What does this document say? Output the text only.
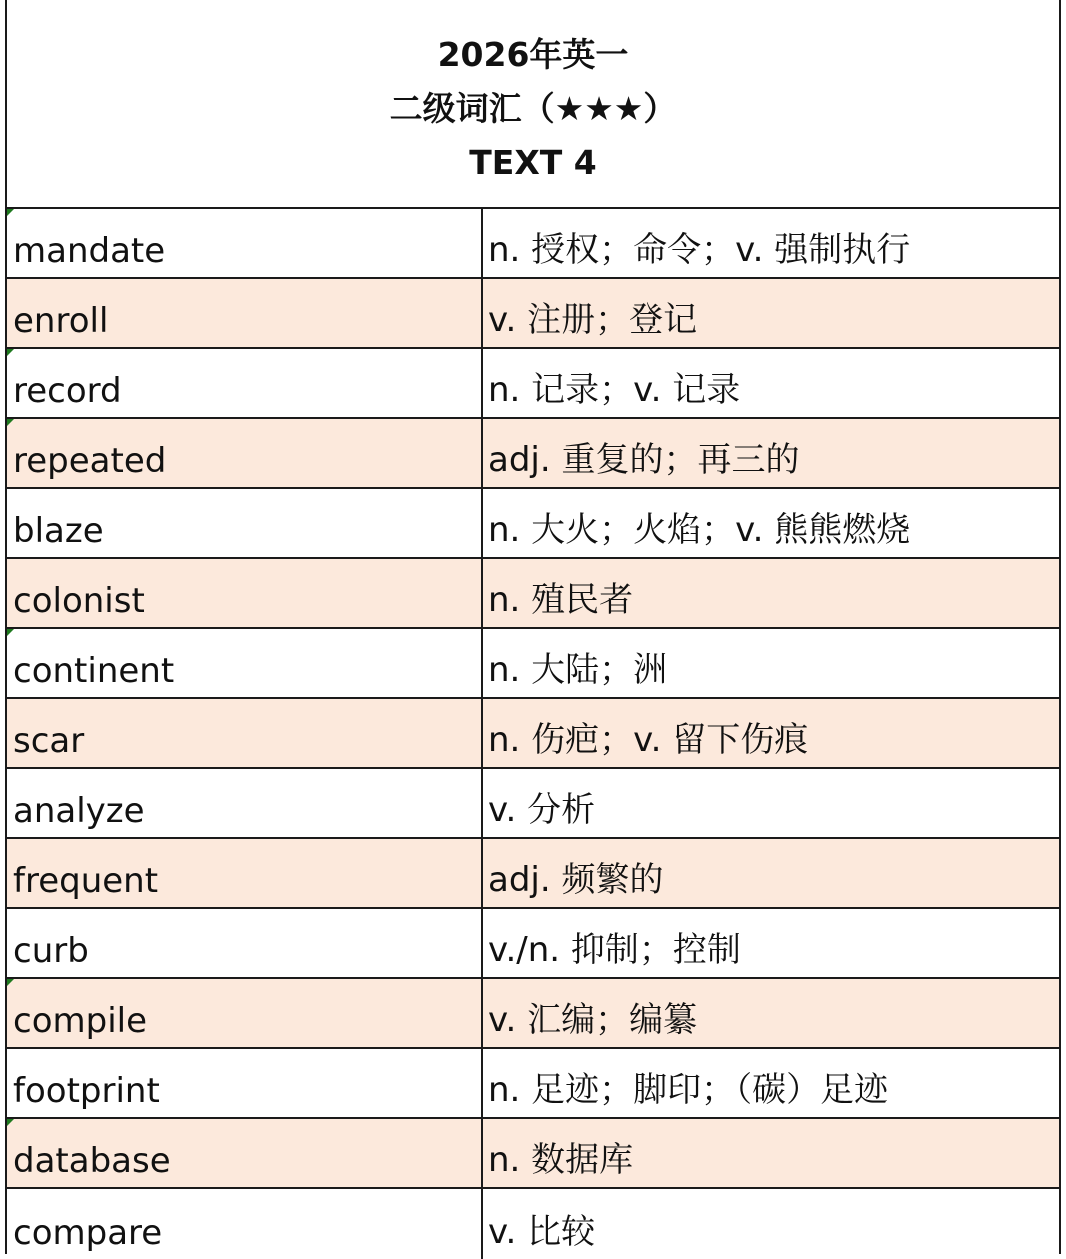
2026年英一
二级词汇（★★★）
TEXT 4
mandate	n. 授权；命令；v. 强制执行
enroll	v. 注册；登记
record	n. 记录；v. 记录
repeated	adj. 重复的；再三的
blaze	n. 大火；火焰；v. 熊熊燃烧
colonist	n. 殖民者
continent	n. 大陆；洲
scar	n. 伤疤；v. 留下伤痕
analyze	v. 分析
frequent	adj. 频繁的
curb	v./n. 抑制；控制
compile	v. 汇编；编纂
footprint	n. 足迹；脚印；（碳）足迹
database	n. 数据库
compare	v. 比较
